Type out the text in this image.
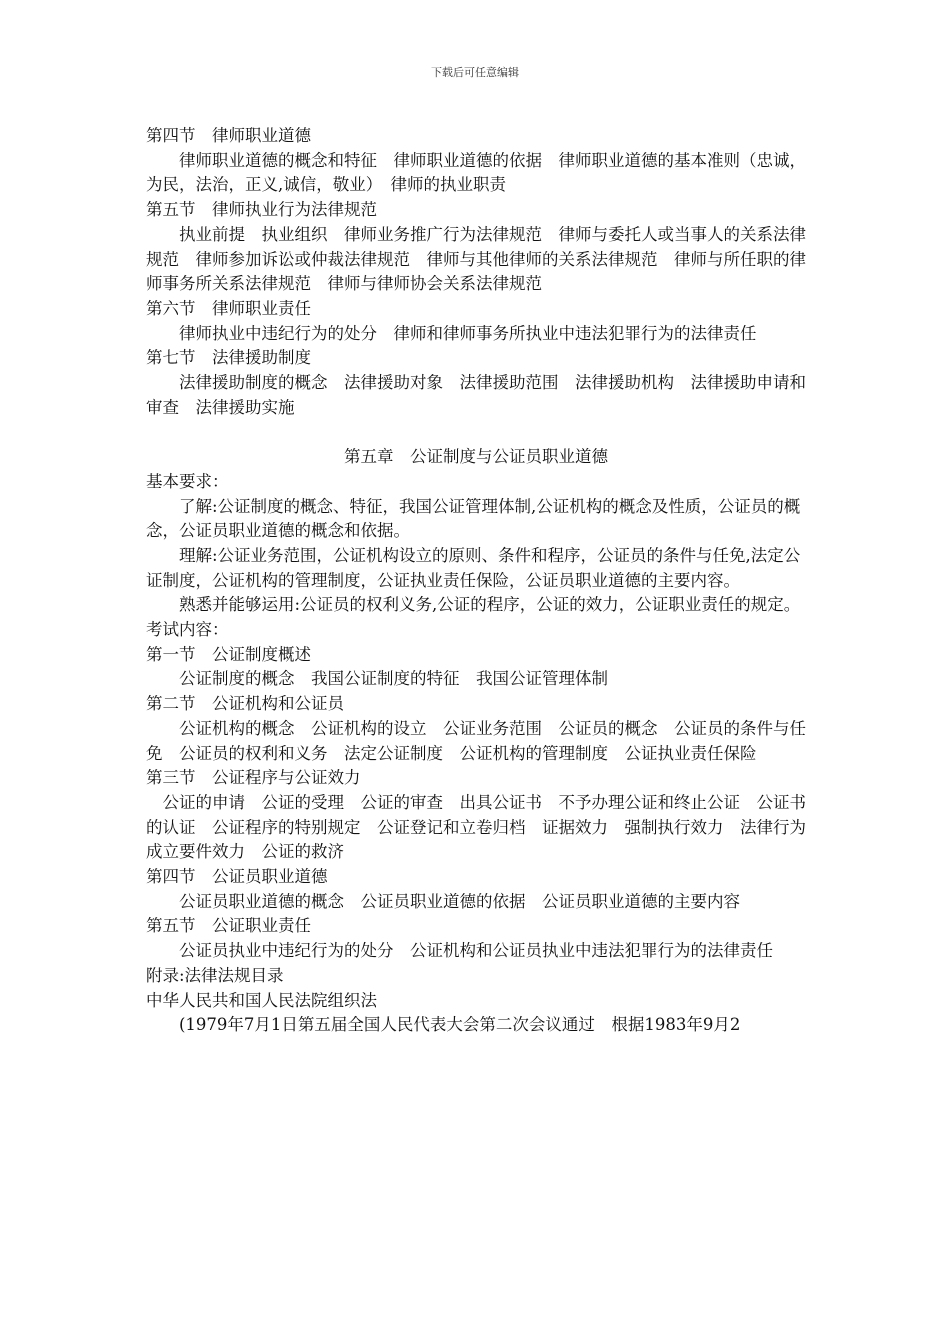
下载后可任意编辑

第四节　律师职业道德

律师职业道德的概念和特征　律师职业道德的依据　律师职业道德的基本准则（忠诚，为民，法治，正义,诚信，敬业）　律师的执业职责

第五节　律师执业行为法律规范

执业前提　执业组织　律师业务推广行为法律规范　律师与委托人或当事人的关系法律规范　律师参加诉讼或仲裁法律规范　律师与其他律师的关系法律规范　律师与所任职的律师事务所关系法律规范　律师与律师协会关系法律规范

第六节　律师职业责任

律师执业中违纪行为的处分　律师和律师事务所执业中违法犯罪行为的法律责任

第七节　法律援助制度

法律援助制度的概念　法律援助对象　法律援助范围　法律援助机构　法律援助申请和审查　法律援助实施

第五章　公证制度与公证员职业道德

基本要求：

了解:公证制度的概念、特征，我国公证管理体制,公证机构的概念及性质，公证员的概念，公证员职业道德的概念和依据。

理解:公证业务范围，公证机构设立的原则、条件和程序，公证员的条件与任免,法定公证制度，公证机构的管理制度，公证执业责任保险，公证员职业道德的主要内容。

熟悉并能够运用:公证员的权利义务,公证的程序，公证的效力，公证职业责任的规定。

考试内容：

第一节　公证制度概述

公证制度的概念　我国公证制度的特征　我国公证管理体制

第二节　公证机构和公证员

公证机构的概念　公证机构的设立　公证业务范围　公证员的概念　公证员的条件与任免　公证员的权利和义务　法定公证制度　公证机构的管理制度　公证执业责任保险

第三节　公证程序与公证效力

公证的申请　公证的受理　公证的审查　出具公证书　不予办理公证和终止公证　公证书的认证　公证程序的特别规定　公证登记和立卷归档　证据效力　强制执行效力　法律行为成立要件效力　公证的救济

第四节　公证员职业道德

公证员职业道德的概念　公证员职业道德的依据　公证员职业道德的主要内容

第五节　公证职业责任

公证员执业中违纪行为的处分　公证机构和公证员执业中违法犯罪行为的法律责任

附录:法律法规目录

中华人民共和国人民法院组织法

(1979年7月1日第五届全国人民代表大会第二次会议通过　根据1983年9月2
